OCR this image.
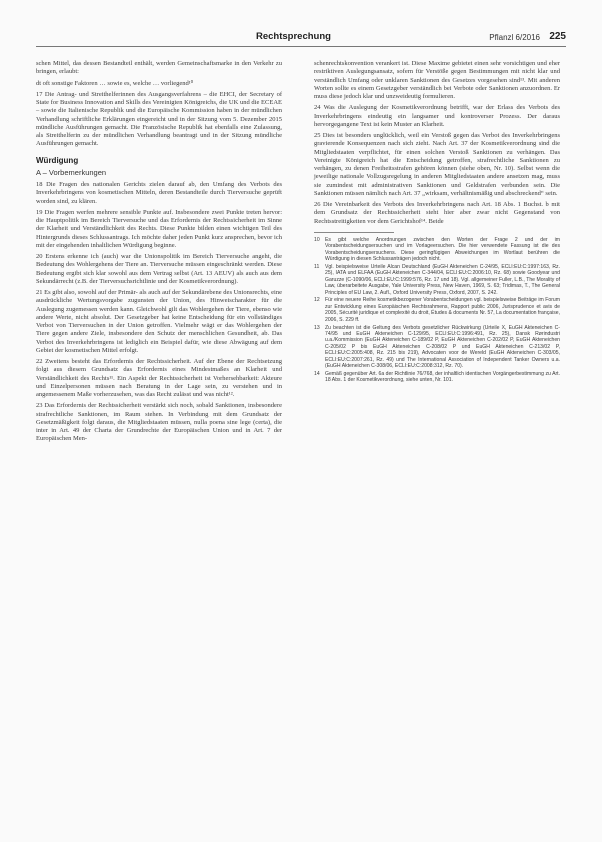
Rechtsprechung	Pflanzl 6/2016 225

schen Mittel, das dessen Bestandteil enthält, werden Gemeinschaftsmarke in den Verkehr zu bringen, erlaubt:

dt oft sonstige Faktoren … sowie es, welche … vorliegend¹⁰

17 Die Antrag- und Streithelferinnen des Ausgangsverfahrens – die EHCI, der Secretary of State for Business Innovation and Skills des Vereinigten Königreichs, die UK und die ECEAE – sowie die Italienische Republik und die Europäische Kommission haben in der mündlichen Verhandlung schriftliche Erklärungen eingereicht und in der Sitzung vom 5. Dezember 2015 mündliche Ausführungen gemacht. Die Französische Republik hat ebenfalls eine Zulassung, als Streithelferin zu der mündlichen Verhandlung beantragt und in der Sitzung mündliche Ausführungen gemacht.

Würdigung
A – Vorbemerkungen

18 Die Fragen des nationalen Gerichts zielen darauf ab, den Umfang des Verbots des Inverkehrbringens von kosmetischen Mitteln, deren Bestandteile durch Tierversuche geprüft worden sind, zu klären.

19 Die Fragen werfen mehrere sensible Punkte auf. Insbesondere zwei Punkte treten hervor: die Hauptpolitik im Bereich Tierversuche und das Erfordernis der Rechtssicherheit im Sinne der Klarheit und Verständlichkeit des Rechts. Diese Punkte bilden einen wichtigen Teil des Hintergrunds dieses Schlussantrags. Ich möchte daher jeden Punkt kurz ansprechen, bevor ich mit der eingehenden inhaltlichen Würdigung beginne.

20 Erstens erkenne ich (auch) war die Unionspolitik im Bereich Tierversuche angeht, die Bedeutung des Wohlergehens der Tiere an. Tierversuche müssen eingeschränkt werden. Diese Bedeutung ergibt sich klar sowohl aus dem Vertrag selbst (Art. 13 AEUV) als auch aus dem Sekundärrecht (z.B. der Tierversuchsrichtlinie und der Kosmetikverordnung).

21 Es gibt also, sowohl auf der Primär- als auch auf der Sekundärebene des Unionsrechts, eine ausdrückliche Wertungsvorgabe zugunsten der Union, des Hinweischarakter für die Auslegung zugemessen werden kann. Gleichwohl gilt das Wohlergehen der Tiere, ebenso wie andere Werte, nicht absolut. Der Gesetzgeber hat keine Entscheidung für ein vollständiges Verbot von Tierversuchen in der Union getroffen. Vielmehr wägt er das Wohlergehen der Tiere gegen andere Ziele, insbesondere den Schutz der menschlichen Gesundheit, ab. Das Verbot des Inverkehrbringens ist lediglich ein Beispiel dafür, wie diese Abwägung auf dem Gebiet der kosmetischen Mittel erfolgt.

22 Zweitens besteht das Erfordernis der Rechtssicherheit. Auf der Ebene der Rechtsetzung folgt aus diesem Grundsatz das Erfordernis eines Mindestmaßes an Klarheit und Verständlichkeit des Rechts¹¹. Ein Aspekt der Rechtssicherheit ist Vorhersehbarkeit: Akteure und Einzelpersonen müssen nach Beratung in der Lage sein, zu verstehen und in angemessenem Maße vorherzusehen, was das Recht zulässt und was nicht¹².

23 Das Erfordernis der Rechtssicherheit verstärkt sich noch, sobald Sanktionen, insbesondere strafrechtliche Sanktionen, im Raum stehen. In Verbindung mit dem Grundsatz der Gesetzmäßigkeit folgt daraus, die Mitgliedstaaten müssen, nulla poena sine lege (certa), die inter in Art. 49 der Charta der Grundrechte der Europäischen Union und in Art. 7 der Europäischen Men-

schenrechtskonvention verankert ist. Diese Maxime gebietet einen sehr vorsichtigen und eher restriktiven Auslegungsansatz, sofern für Verstöße gegen Bestimmungen mit nicht klar und verständlich Umfang oder unklaren Sanktionen des Gesetzes vorgesehen sind¹³. Mit anderen Worten sollte es einem Gesetzgeber verständlich bei Verbote oder Sanktionen anzuordnen. Er muss diese jedoch klar und unzweideutig formulieren.

24 Was die Auslegung der Kosmetikverordnung betrifft, war der Erlass des Verbots des Inverkehrbringens eindeutig ein langsamer und kontroverser Prozess. Der daraus hervorgegangene Text ist kein Muster an Klarheit.

25 Dies ist besonders unglücklich, weil ein Verstoß gegen das Verbot des Inverkehrbringens gravierende Konsequenzen nach sich zieht. Nach Art. 37 der Kosmetikverordnung sind die Mitgliedstaaten verpflichtet, für einen solchen Verstoß Sanktionen zu verhängen. Das Vereinigte Königreich hat die Entscheidung getroffen, strafrechtliche Sanktionen zu verhängen, zu denen Freiheitsstrafen gehören können (siehe oben, Nr. 10). Selbst wenn die jeweilige nationale Vollzugsregelung in anderen Mitgliedstaaten andere ansetzen mag, muss sie zumindest mit administrativen Sanktionen und Geldstrafen verbunden sein. Die Sanktionen müssen nämlich nach Art. 37 „wirksam, verhältnismäßig und abschreckend“ sein.

26 Die Vereinbarkeit des Verbots des Inverkehrbringens nach Art. 18 Abs. 1 Buchst. b mit dem Grundsatz der Rechtssicherheit steht hier aber zwar nicht Gegenstand von Rechtsstreitigkeiten vor dem Gerichtshof¹⁴. Beide

10	Es gibt welche Anordnungen zwischen den Worten der Frage 2 und der im Vorabentscheidungsersuchen und im Vorlageersuchen. Die hier verwendete Fassung ist die des Vorabentscheidungsersuchens. Diese geringfügigen Abweichungen im Wortlaut berühren die Würdigung in diesen Schlussanträgen jedoch nicht.
11	Vgl. beispielsweise Urteile Alcan Deutschland (EuGH Akteneichen C-24/95, ECLI:EU:C:1997:163, Rz. 25), IATA und ELFAA (EuGH Akteneichen C-344/04, ECLI:EU:C:2006:10, Rz. 68) sowie Goodyear und Garuzze (C-1090/06, ECLI:EU:C:1999:576, Rz. 17 und 18). Vgl. allgemeiner Fuller, L.B., The Morality of Law, überarbeitete Ausgabe, Yale University Press, New Haven, 1969, S. 63; Tridimas, T., The General Principles of EU Law, 2. Aufl., Oxford University Press, Oxford, 2007, S. 242.
12	Für eine neuere Reihe kosmetikbezogener Vorabentscheidungen vgl. beispielsweise Beiträge im Forum zur Entwicklung eines Europäischen Rechtsrahmens, Rapport public 2006, Jurisprudence et avis de 2005, Sécurité juridique et complexité du droit, Études & documents Nr. 57, La documentation française, 2006, S. 229 ff.
13	Zu beachten ist die Geltung des Verbots gesetzlicher Rückwirkung (Urteile X, EuGH Akteneichen C-74/95 und EuGH Akteneichen C-129/95, ECLI:EU:C:1996:491, Rz. 25), Dansk Rørindustri u.a./Kommission (EuGH Akteneichen C-189/02 P, EuGH Akteneichen C-202/02 P, EuGH Akteneichen C-205/02 P bis EuGH Akteneichen C-208/02 P und EuGH Akteneichen C-213/02 P, ECLI:EU:C:2005:408, Rz. 215 bis 219), Advocaten voor de Wereld (EuGH Akteneichen C-303/05, ECLI:EU:C:2007:261, Rz. 49) und The International Association of Independent Tanker Owners u.a. (EuGH Akteneichen C-308/06, ECLI:EU:C:2008:312, Rz. 70).
14	Gemäß gegenüber Art. 6a der Richtlinie 76/768, der inhaltlich identischen Vorgängerbestimmung zu Art. 18 Abs. 1 der Kosmetikverordnung, siehe unten, Nr. 101.
